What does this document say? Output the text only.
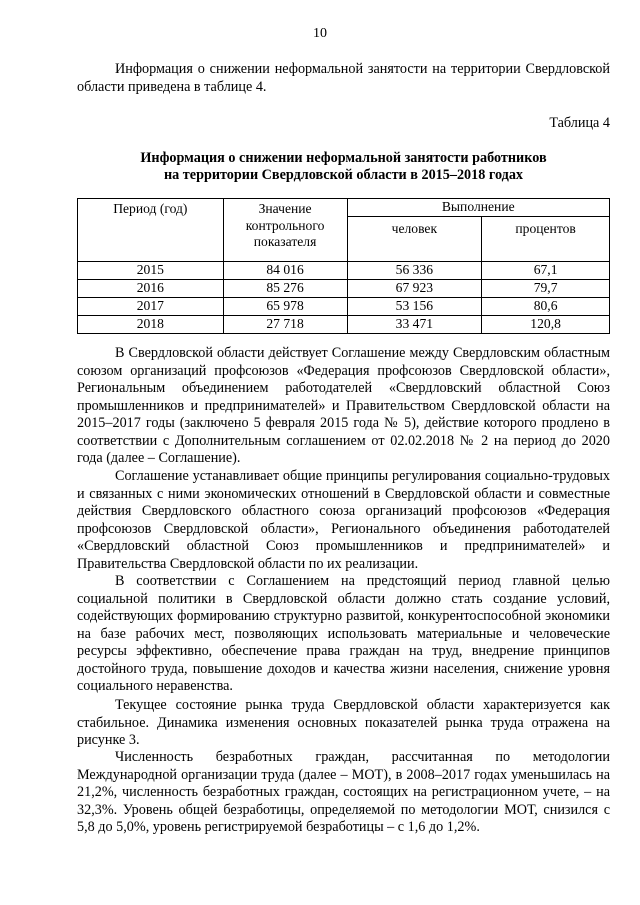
10

Информация о снижении неформальной занятости на территории Свердловской области приведена в таблице 4.

Таблица 4
Информация о снижении неформальной занятости работников
на территории Свердловской области в 2015–2018 годах
Период (год)	Значение контрольного показателя	Выполнение	
		человек	процентов
2015	84 016	56 336	67,1
2016	85 276	67 923	79,7
2017	65 978	53 156	80,6
2018	27 718	33 471	120,8

В Свердловской области действует Соглашение между Свердловским областным союзом организаций профсоюзов «Федерация профсоюзов Свердловской области», Региональным объединением работодателей «Свердловский областной Союз промышленников и предпринимателей» и Правительством Свердловской области на 2015–2017 годы (заключено 5 февраля 2015 года № 5), действие которого продлено в соответствии с Дополнительным соглашением от 02.02.2018 № 2 на период до 2020 года (далее – Соглашение).

Соглашение устанавливает общие принципы регулирования социально-трудовых и связанных с ними экономических отношений в Свердловской области и совместные действия Свердловского областного союза организаций профсоюзов «Федерация профсоюзов Свердловской области», Регионального объединения работодателей «Свердловский областной Союз промышленников и предпринимателей» и Правительства Свердловской области по их реализации.

В соответствии с Соглашением на предстоящий период главной целью социальной политики в Свердловской области должно стать создание условий, содействующих формированию структурно развитой, конкурентоспособной экономики на базе рабочих мест, позволяющих использовать материальные и человеческие ресурсы эффективно, обеспечение права граждан на труд, внедрение принципов достойного труда, повышение доходов и качества жизни населения, снижение уровня социального неравенства.

Текущее состояние рынка труда Свердловской области характеризуется как стабильное. Динамика изменения основных показателей рынка труда отражена на рисунке 3.

Численность безработных граждан, рассчитанная по методологии Международной организации труда (далее – МОТ), в 2008–2017 годах уменьшилась на 21,2%, численность безработных граждан, состоящих на регистрационном учете, – на 32,3%. Уровень общей безработицы, определяемой по методологии МОТ, снизился с 5,8 до 5,0%, уровень регистрируемой безработицы – с 1,6 до 1,2%.
